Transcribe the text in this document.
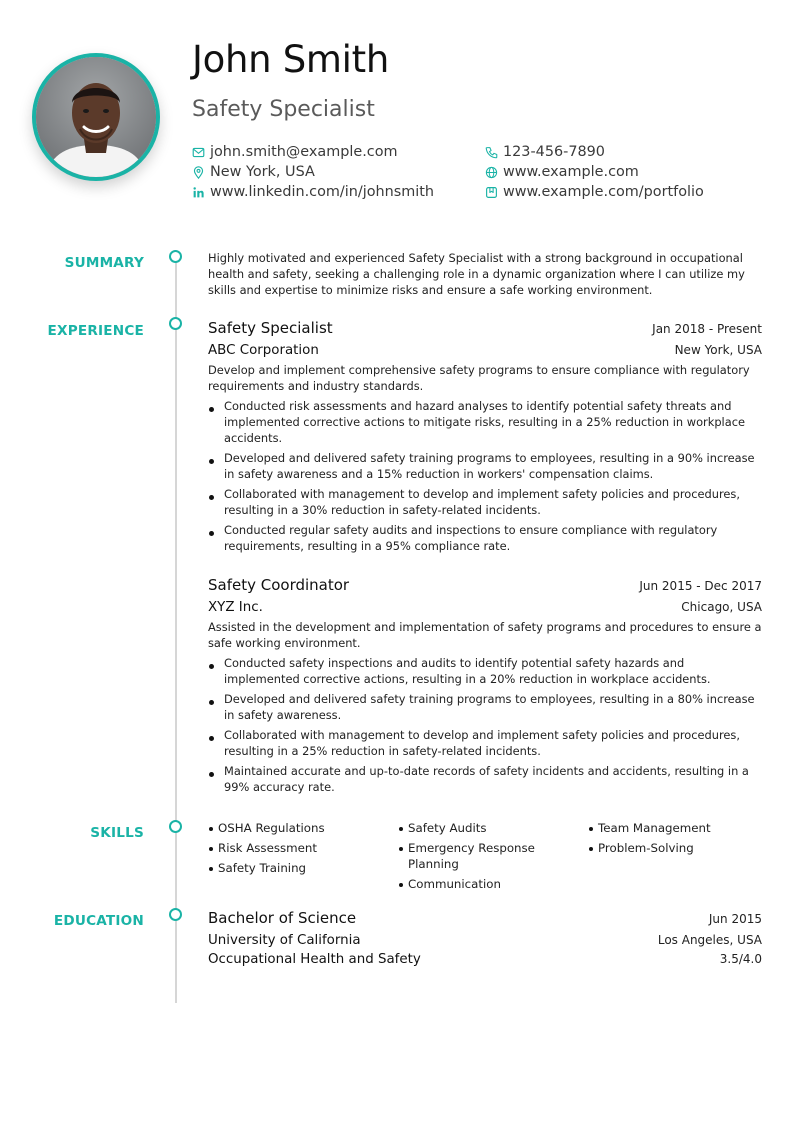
John Smith
Safety Specialist
john.smith@example.com	123-456-7890
New York, USA	www.example.com
www.linkedin.com/in/johnsmith	www.example.com/portfolio
SUMMARY	Highly motivated and experienced Safety Specialist with a strong background in occupational health and safety, seeking a challenging role in a dynamic organization where I can utilize my skills and expertise to minimize risks and ensure a safe working environment.
EXPERIENCE	Safety Specialist	Jan 2018 - Present
ABC Corporation	New York, USA
Develop and implement comprehensive safety programs to ensure compliance with regulatory requirements and industry standards.
Conducted risk assessments and hazard analyses to identify potential safety threats and implemented corrective actions to mitigate risks, resulting in a 25% reduction in workplace accidents.
Developed and delivered safety training programs to employees, resulting in a 90% increase in safety awareness and a 15% reduction in workers' compensation claims.
Collaborated with management to develop and implement safety policies and procedures, resulting in a 30% reduction in safety-related incidents.
Conducted regular safety audits and inspections to ensure compliance with regulatory requirements, resulting in a 95% compliance rate.
Safety Coordinator	Jun 2015 - Dec 2017
XYZ Inc.	Chicago, USA
Assisted in the development and implementation of safety programs and procedures to ensure a safe working environment.
Conducted safety inspections and audits to identify potential safety hazards and implemented corrective actions, resulting in a 20% reduction in workplace accidents.
Developed and delivered safety training programs to employees, resulting in a 80% increase in safety awareness.
Collaborated with management to develop and implement safety policies and procedures, resulting in a 25% reduction in safety-related incidents.
Maintained accurate and up-to-date records of safety incidents and accidents, resulting in a 99% accuracy rate.
SKILLS	OSHA Regulations
Risk Assessment
Safety Training
Safety Audits
Emergency Response Planning
Communication
Team Management
Problem-Solving
EDUCATION	Bachelor of Science	Jun 2015
University of California	Los Angeles, USA
Occupational Health and Safety	3.5/4.0
